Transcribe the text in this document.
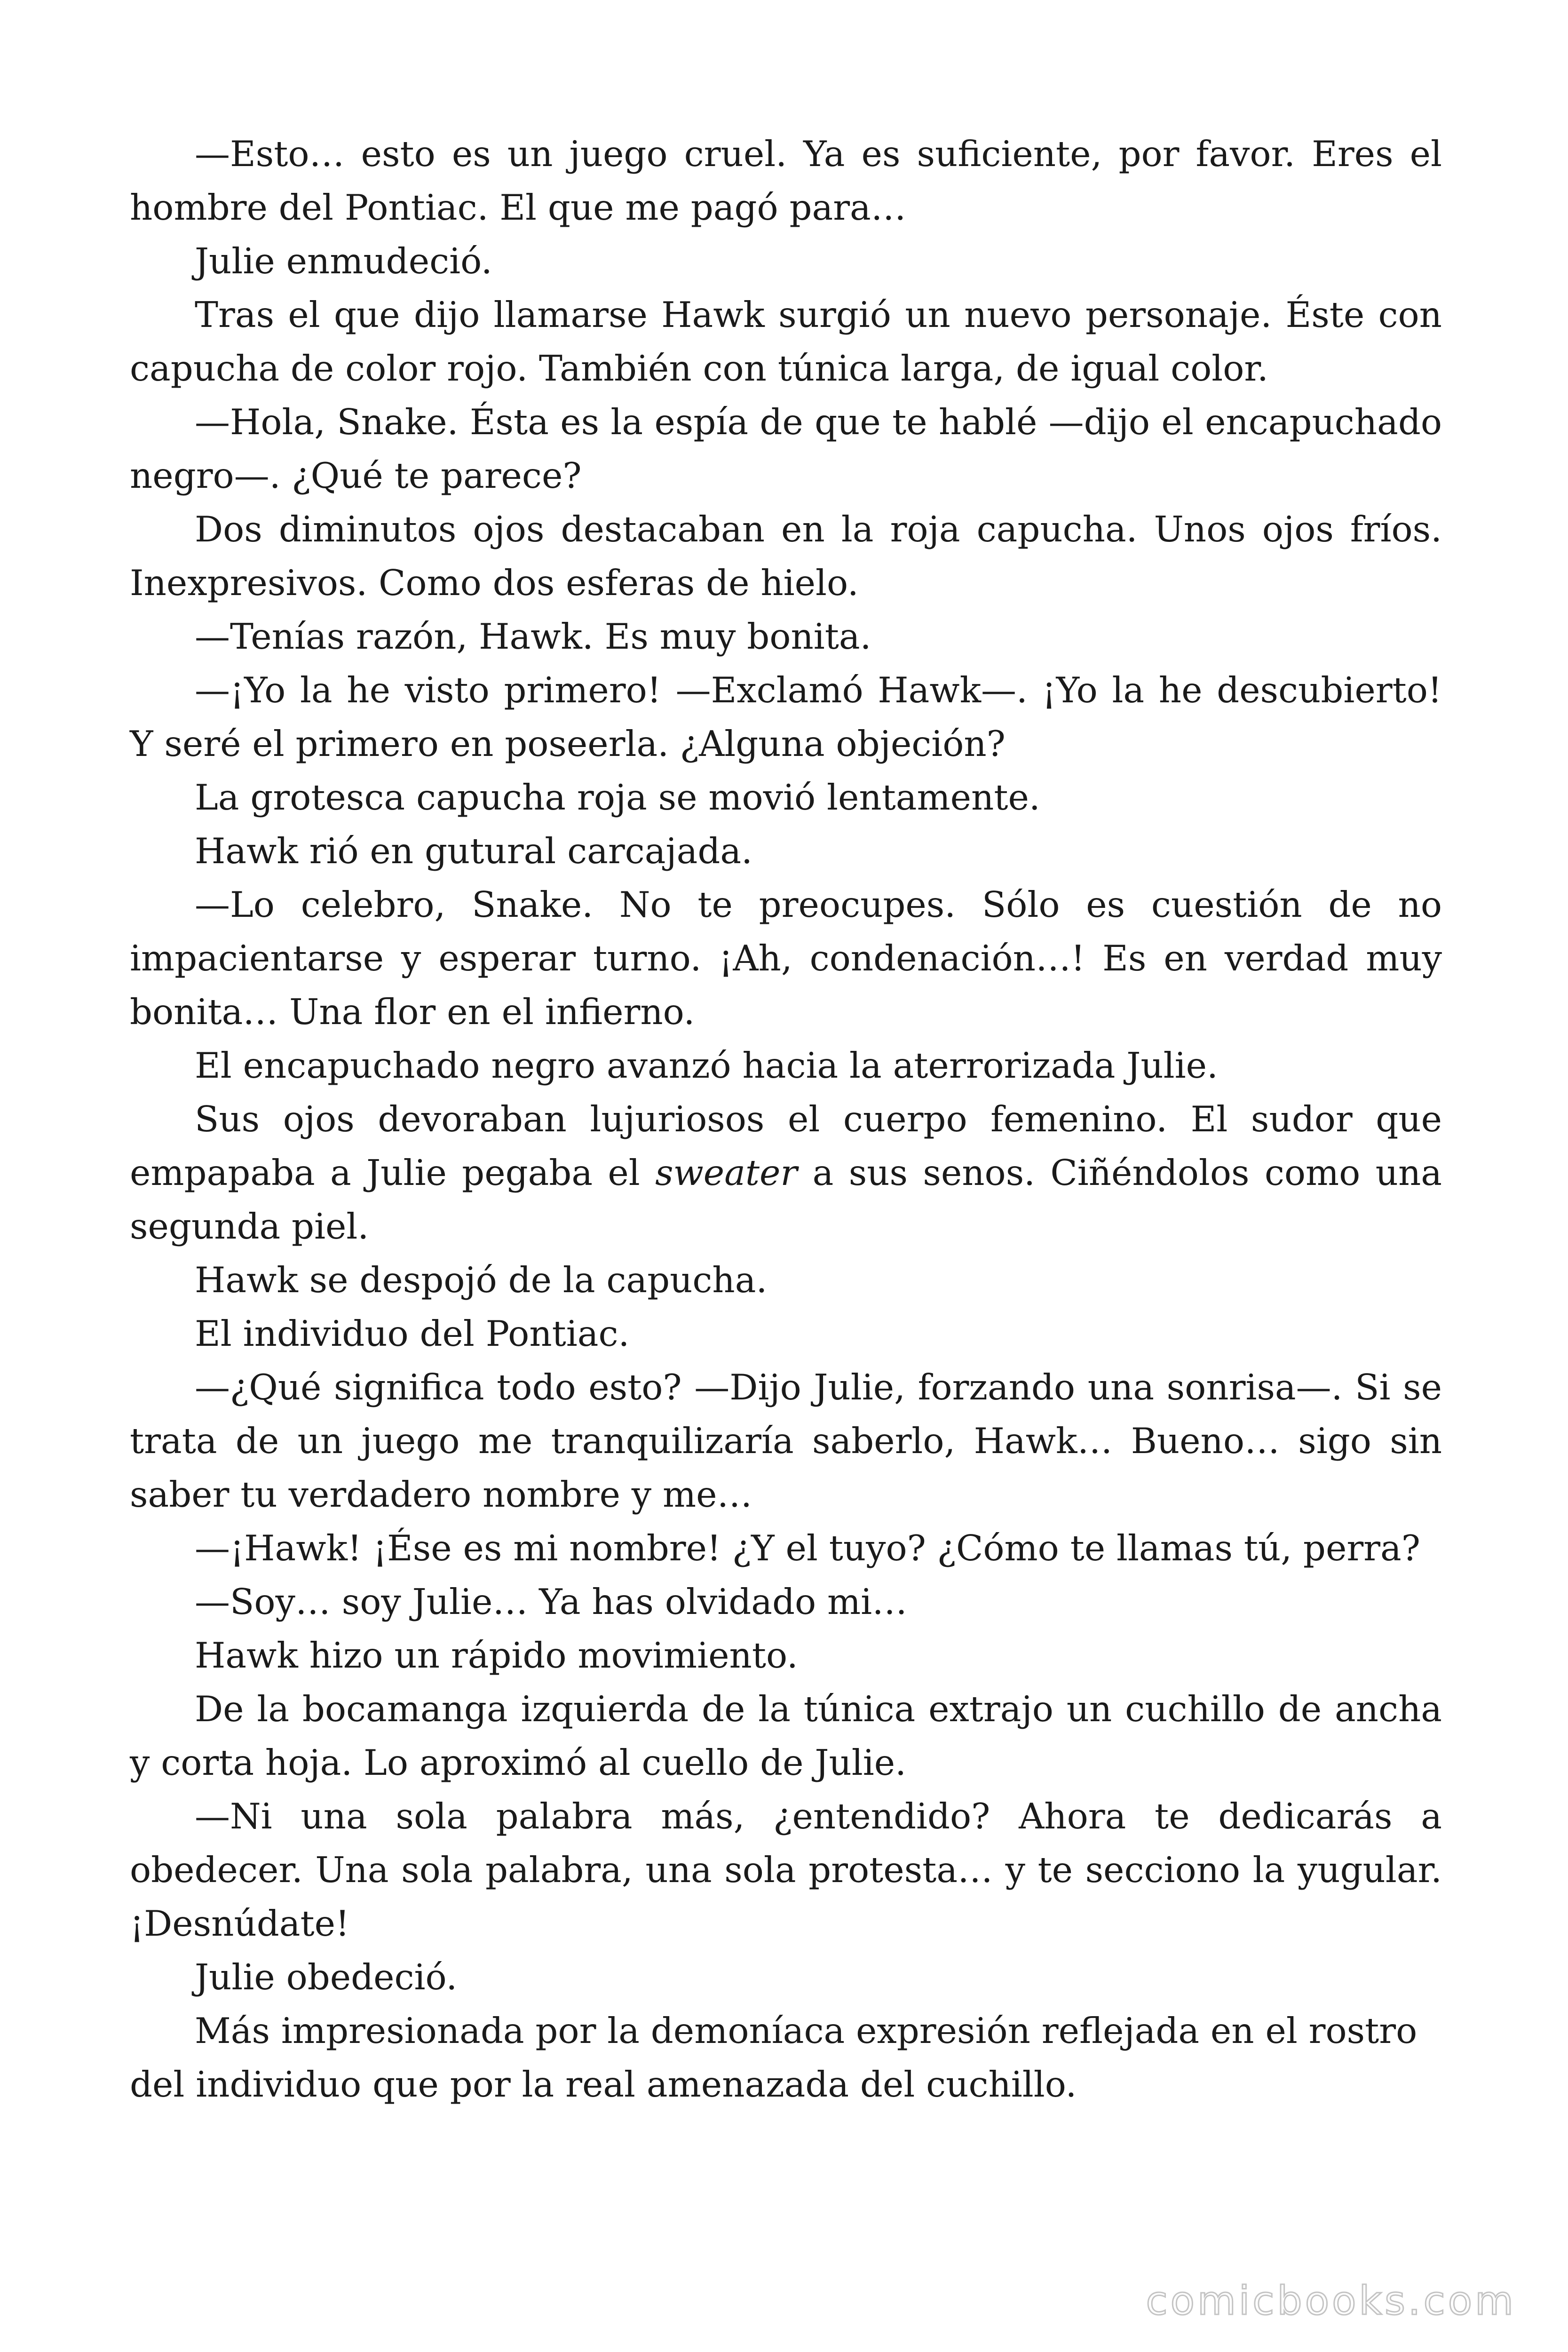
—Esto… esto es un juego cruel. Ya es suficiente, por favor. Eres el hombre del Pontiac. El que me pagó para…

Julie enmudeció.

Tras el que dijo llamarse Hawk surgió un nuevo personaje. Éste con capucha de color rojo. También con túnica larga, de igual color.

—Hola, Snake. Ésta es la espía de que te hablé —dijo el encapuchado negro—. ¿Qué te parece?

Dos diminutos ojos destacaban en la roja capucha. Unos ojos fríos. Inexpresivos. Como dos esferas de hielo.

—Tenías razón, Hawk. Es muy bonita.

—¡Yo la he visto primero! —Exclamó Hawk—. ¡Yo la he descubierto! Y seré el primero en poseerla. ¿Alguna objeción?

La grotesca capucha roja se movió lentamente.

Hawk rió en gutural carcajada.

—Lo celebro, Snake. No te preocupes. Sólo es cuestión de no impacientarse y esperar turno. ¡Ah, condenación…! Es en verdad muy bonita… Una flor en el infierno.

El encapuchado negro avanzó hacia la aterrorizada Julie.

Sus ojos devoraban lujuriosos el cuerpo femenino. El sudor que empapaba a Julie pegaba el sweater a sus senos. Ciñéndolos como una segunda piel.

Hawk se despojó de la capucha.

El individuo del Pontiac.

—¿Qué significa todo esto? —Dijo Julie, forzando una sonrisa—. Si se trata de un juego me tranquilizaría saberlo, Hawk… Bueno… sigo sin saber tu verdadero nombre y me…

—¡Hawk! ¡Ése es mi nombre! ¿Y el tuyo? ¿Cómo te llamas tú, perra?

—Soy… soy Julie… Ya has olvidado mi…

Hawk hizo un rápido movimiento.

De la bocamanga izquierda de la túnica extrajo un cuchillo de ancha y corta hoja. Lo aproximó al cuello de Julie.

—Ni una sola palabra más, ¿entendido? Ahora te dedicarás a obedecer. Una sola palabra, una sola protesta… y te secciono la yugular. ¡Desnúdate!

Julie obedeció.

Más impresionada por la demoníaca expresión reflejada en el rostro del individuo que por la real amenazada del cuchillo.

comicbooks.com
